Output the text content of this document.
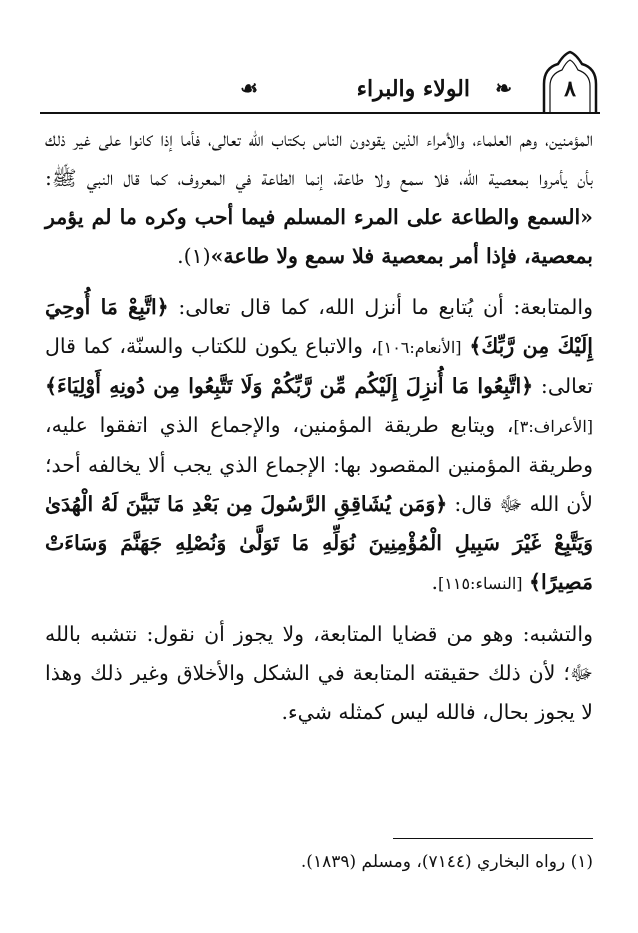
٨
❧
الولاء والبراء
☙

المؤمنين، وهم العلماء، والأمراء الذين يقودون الناس بكتاب الله تعالى، فأما إذا كانوا على غير ذلك بأن يأمروا بمعصية الله، فلا سمع ولا طاعة، إنما الطاعة في المعروف، كما قال النبي ﷺ: «السمع والطاعة على المرء المسلم فيما أحب وكره ما لم يؤمر بمعصية، فإذا أمر بمعصية فلا سمع ولا طاعة»(١).

والمتابعة: أن يُتابع ما أنزل الله، كما قال تعالى: ﴿اتَّبِعْ مَا أُوحِيَ إِلَيْكَ مِن رَّبِّكَ﴾ [الأنعام:١٠٦]، والاتباع يكون للكتاب والسنّة، كما قال تعالى: ﴿اتَّبِعُوا مَا أُنزِلَ إِلَيْكُم مِّن رَّبِّكُمْ وَلَا تَتَّبِعُوا مِن دُونِهِ أَوْلِيَاءَ﴾ [الأعراف:٣]، ويتابع طريقة المؤمنين، والإجماع الذي اتفقوا عليه، وطريقة المؤمنين المقصود بها: الإجماع الذي يجب ألا يخالفه أحد؛ لأن الله ﷻ قال: ﴿وَمَن يُشَاقِقِ الرَّسُولَ مِن بَعْدِ مَا تَبَيَّنَ لَهُ الْهُدَىٰ وَيَتَّبِعْ غَيْرَ سَبِيلِ الْمُؤْمِنِينَ نُوَلِّهِ مَا تَوَلَّىٰ وَنُصْلِهِ جَهَنَّمَ وَسَاءَتْ مَصِيرًا﴾ [النساء:١١٥].

والتشبه: وهو من قضايا المتابعة، ولا يجوز أن نقول: نتشبه بالله ﷻ؛ لأن ذلك حقيقته المتابعة في الشكل والأخلاق وغير ذلك وهذا لا يجوز بحال، فالله ليس كمثله شيء.

(١) رواه البخاري (٧١٤٤)، ومسلم (١٨٣٩).
